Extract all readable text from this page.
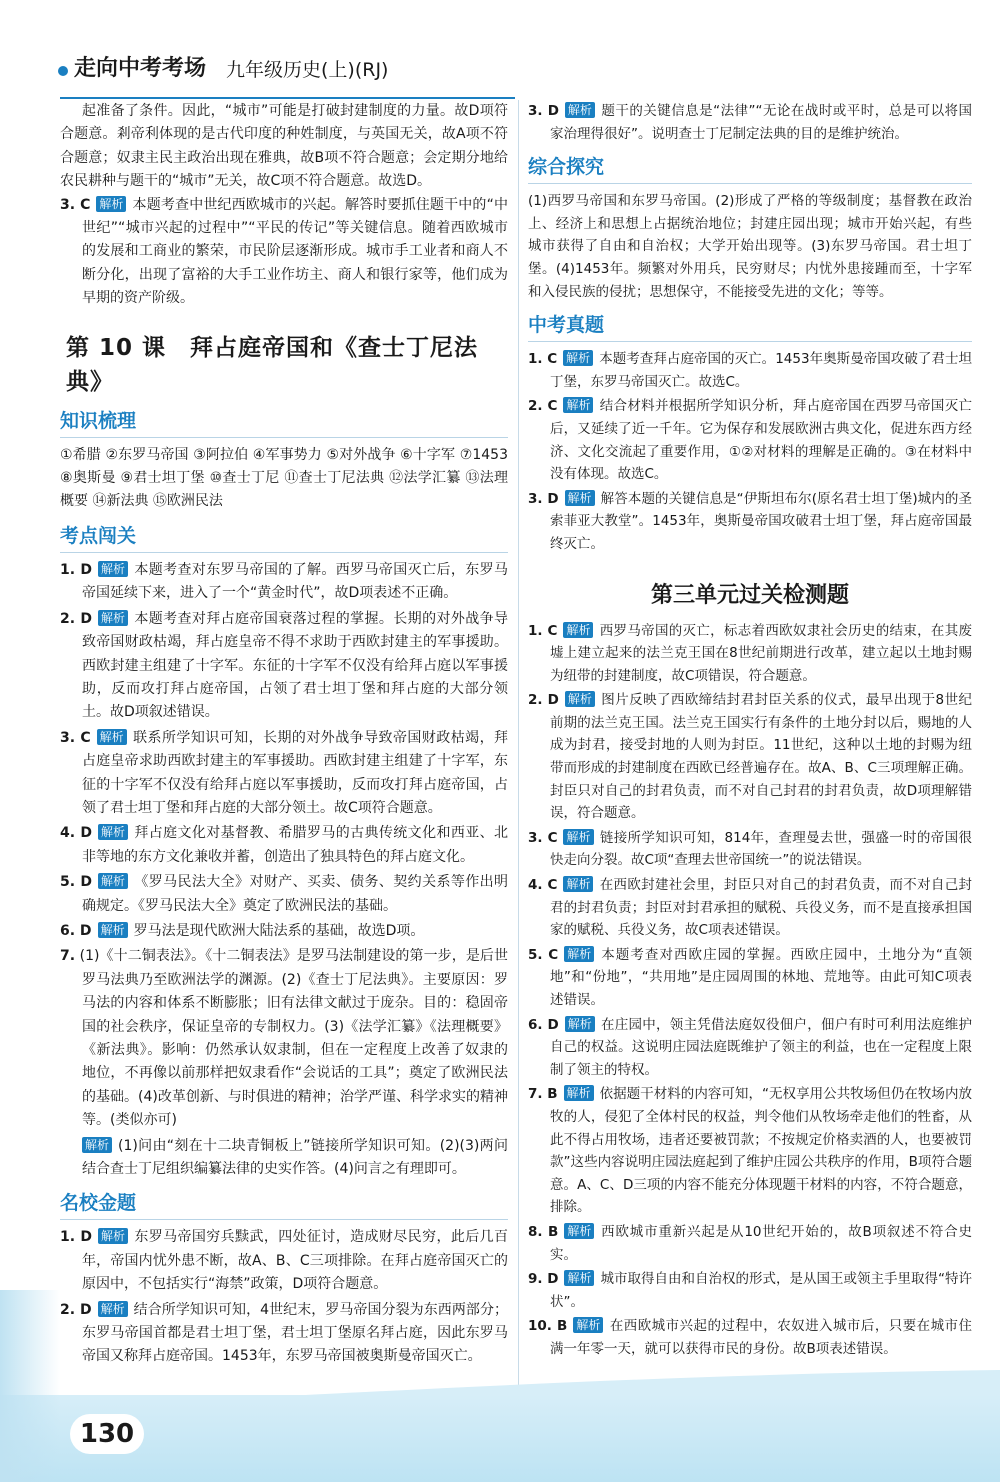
走向中考考场 九年级历史(上)(RJ)

起准备了条件。因此，“城市”可能是打破封建制度的力量。故D项符合题意。剎帝利体现的是古代印度的种姓制度，与英国无关，故A项不符合题意；奴隶主民主政治出现在雅典，故B项不符合题意；会定期分地给农民耕种与题干的“城市”无关，故C项不符合题意。故选D。

3. C 解析 本题考查中世纪西欧城市的兴起。解答时要抓住题干中的“中世纪”“城市兴起的过程中”“平民的传记”等关键信息。随着西欧城市的发展和工商业的繁荣，市民阶层逐渐形成。城市手工业者和商人不断分化，出现了富裕的大手工业作坊主、商人和银行家等，他们成为早期的资产阶级。

第 10 课　拜占庭帝国和《查士丁尼法典》
知识梳理

①希腊 ②东罗马帝国 ③阿拉伯 ④军事势力 ⑤对外战争 ⑥十字军 ⑦1453 ⑧奥斯曼 ⑨君士坦丁堡 ⑩查士丁尼 ⑪查士丁尼法典 ⑫法学汇纂 ⑬法理概要 ⑭新法典 ⑮欧洲民法

考点闯关

1. D 解析 本题考查对东罗马帝国的了解。西罗马帝国灭亡后，东罗马帝国延续下来，进入了一个“黄金时代”，故D项表述不正确。

2. D 解析 本题考查对拜占庭帝国衰落过程的掌握。长期的对外战争导致帝国财政枯竭，拜占庭皇帝不得不求助于西欧封建主的军事援助。西欧封建主组建了十字军。东征的十字军不仅没有给拜占庭以军事援助，反而攻打拜占庭帝国，占领了君士坦丁堡和拜占庭的大部分领土。故D项叙述错误。

3. C 解析 联系所学知识可知，长期的对外战争导致帝国财政枯竭，拜占庭皇帝求助西欧封建主的军事援助。西欧封建主组建了十字军，东征的十字军不仅没有给拜占庭以军事援助，反而攻打拜占庭帝国，占领了君士坦丁堡和拜占庭的大部分领土。故C项符合题意。

4. D 解析 拜占庭文化对基督教、希腊罗马的古典传统文化和西亚、北非等地的东方文化兼收并蓄，创造出了独具特色的拜占庭文化。

5. D 解析 《罗马民法大全》对财产、买卖、债务、契约关系等作出明确规定。《罗马民法大全》奠定了欧洲民法的基础。

6. D 解析 罗马法是现代欧洲大陆法系的基础，故选D项。

7. (1)《十二铜表法》。《十二铜表法》是罗马法制建设的第一步，是后世罗马法典乃至欧洲法学的渊源。(2)《查士丁尼法典》。主要原因：罗马法的内容和体系不断膨胀；旧有法律文献过于庞杂。目的：稳固帝国的社会秩序，保证皇帝的专制权力。(3)《法学汇纂》《法理概要》《新法典》。影响：仍然承认奴隶制，但在一定程度上改善了奴隶的地位，不再像以前那样把奴隶看作“会说话的工具”；奠定了欧洲民法的基础。(4)改革创新、与时俱进的精神；治学严谨、科学求实的精神等。(类似亦可)

解析 (1)问由“刻在十二块青铜板上”链接所学知识可知。(2)(3)两问结合查士丁尼组织编纂法律的史实作答。(4)问言之有理即可。

名校金题

1. D 解析 东罗马帝国穷兵黩武，四处征讨，造成财尽民穷，此后几百年，帝国内忧外患不断，故A、B、C三项排除。在拜占庭帝国灭亡的原因中，不包括实行“海禁”政策，D项符合题意。

2. D 解析 结合所学知识可知，4世纪末，罗马帝国分裂为东西两部分；东罗马帝国首都是君士坦丁堡，君士坦丁堡原名拜占庭，因此东罗马帝国又称拜占庭帝国。1453年，东罗马帝国被奥斯曼帝国灭亡。

3. D 解析 题干的关键信息是“法律”“无论在战时或平时，总是可以将国家治理得很好”。说明查士丁尼制定法典的目的是维护统治。

综合探究

(1)西罗马帝国和东罗马帝国。(2)形成了严格的等级制度；基督教在政治上、经济上和思想上占据统治地位；封建庄园出现；城市开始兴起，有些城市获得了自由和自治权；大学开始出现等。(3)东罗马帝国。君士坦丁堡。(4)1453年。频繁对外用兵，民穷财尽；内忧外患接踵而至，十字军和入侵民族的侵扰；思想保守，不能接受先进的文化；等等。

中考真题

1. C 解析 本题考查拜占庭帝国的灭亡。1453年奥斯曼帝国攻破了君士坦丁堡，东罗马帝国灭亡。故选C。

2. C 解析 结合材料并根据所学知识分析，拜占庭帝国在西罗马帝国灭亡后，又延续了近一千年。它为保存和发展欧洲古典文化，促进东西方经济、文化交流起了重要作用，①②对材料的理解是正确的。③在材料中没有体现。故选C。

3. D 解析 解答本题的关键信息是“伊斯坦布尔(原名君士坦丁堡)城内的圣索菲亚大教堂”。1453年，奥斯曼帝国攻破君士坦丁堡，拜占庭帝国最终灭亡。

第三单元过关检测题

1. C 解析 西罗马帝国的灭亡，标志着西欧奴隶社会历史的结束，在其废墟上建立起来的法兰克王国在8世纪前期进行改革，建立起以土地封赐为纽带的封建制度，故C项错误，符合题意。

2. D 解析 图片反映了西欧缔结封君封臣关系的仪式，最早出现于8世纪前期的法兰克王国。法兰克王国实行有条件的土地分封以后，赐地的人成为封君，接受封地的人则为封臣。11世纪，这种以土地的封赐为纽带而形成的封建制度在西欧已经普遍存在。故A、B、C三项理解正确。封臣只对自己的封君负责，而不对自己封君的封君负责，故D项理解错误，符合题意。

3. C 解析 链接所学知识可知，814年，查理曼去世，强盛一时的帝国很快走向分裂。故C项“查理去世帝国统一”的说法错误。

4. C 解析 在西欧封建社会里，封臣只对自己的封君负责，而不对自己封君的封君负责；封臣对封君承担的赋税、兵役义务，而不是直接承担国家的赋税、兵役义务，故C项表述错误。

5. C 解析 本题考查对西欧庄园的掌握。西欧庄园中，土地分为“直领地”和“份地”，“共用地”是庄园周围的林地、荒地等。由此可知C项表述错误。

6. D 解析 在庄园中，领主凭借法庭奴役佃户，佃户有时可利用法庭维护自己的权益。这说明庄园法庭既维护了领主的利益，也在一定程度上限制了领主的特权。

7. B 解析 依据题干材料的内容可知，“无权享用公共牧场但仍在牧场内放牧的人，侵犯了全体村民的权益，判令他们从牧场牵走他们的牲畜，从此不得占用牧场，违者还要被罚款；不按规定价格卖酒的人，也要被罚款”这些内容说明庄园法庭起到了维护庄园公共秩序的作用，B项符合题意。A、C、D三项的内容不能充分体现题干材料的内容，不符合题意，排除。

8. B 解析 西欧城市重新兴起是从10世纪开始的，故B项叙述不符合史实。

9. D 解析 城市取得自由和自治权的形式，是从国王或领主手里取得“特许状”。

10. B 解析 在西欧城市兴起的过程中，农奴进入城市后，只要在城市住满一年零一天，就可以获得市民的身份。故B项表述错误。

130
